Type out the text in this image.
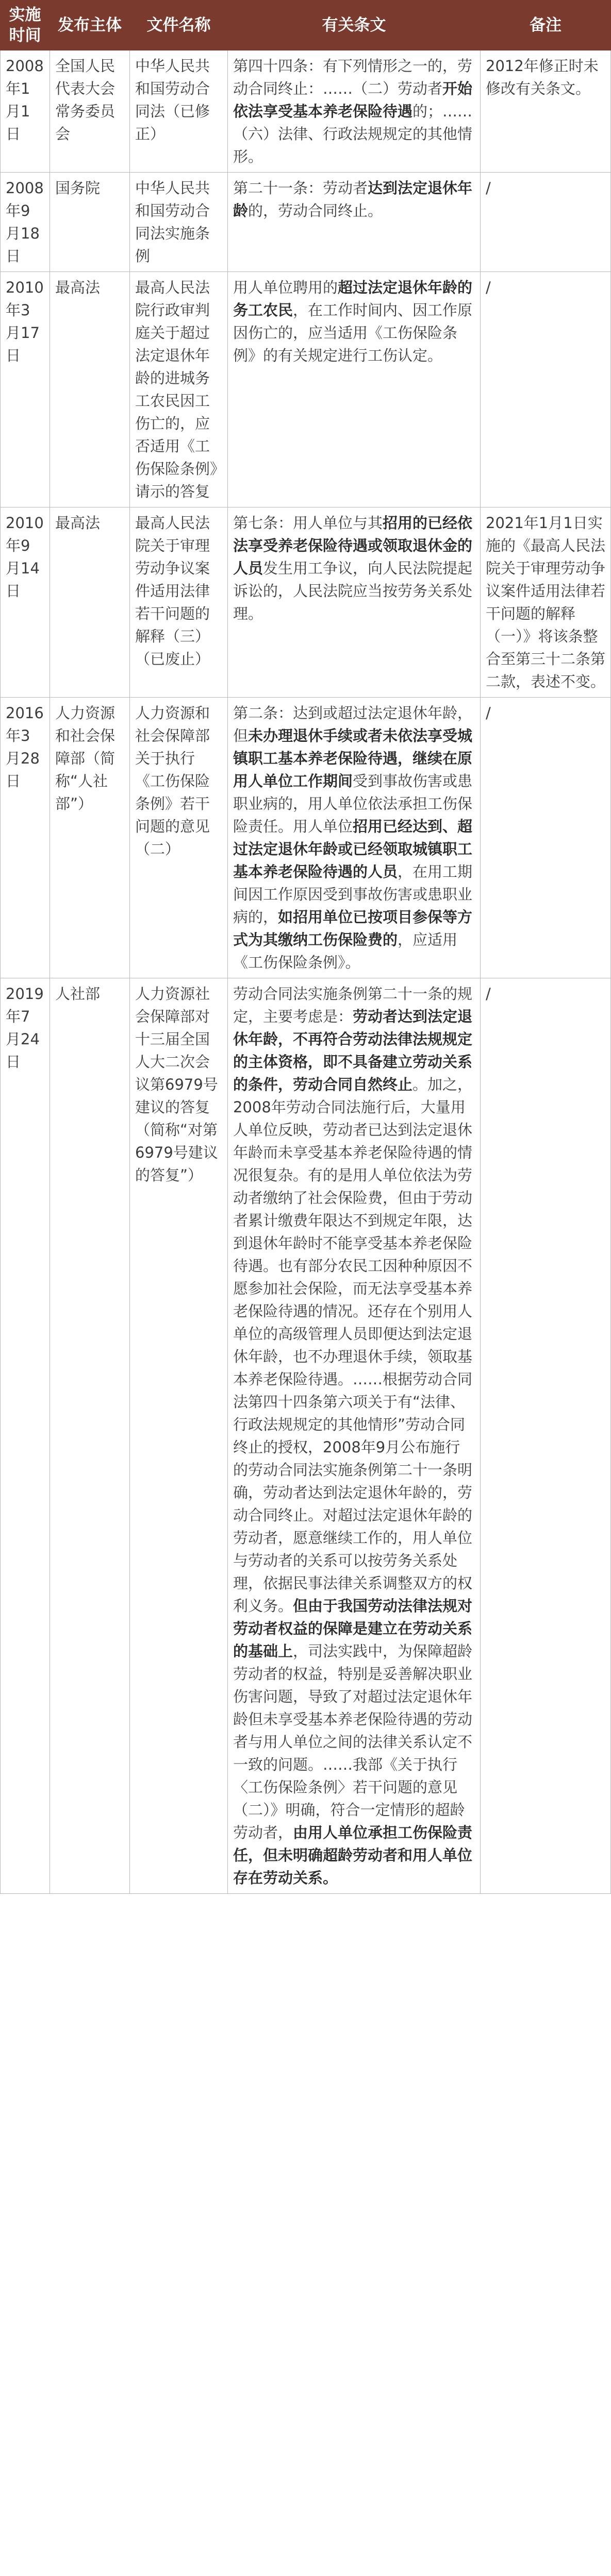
实施时间	发布主体	文件名称	有关条文	备注
2008年1月1日	全国人民代表大会常务委员会	中华人民共和国劳动合同法（已修正）	第四十四条：有下列情形之一的，劳动合同终止：……（二）劳动者开始依法享受基本养老保险待遇的；……（六）法律、行政法规规定的其他情形。	2012年修正时未修改有关条文。
2008年9月18日	国务院	中华人民共和国劳动合同法实施条例	第二十一条：劳动者达到法定退休年龄的，劳动合同终止。	/
2010年3月17日	最高法	最高人民法院行政审判庭关于超过法定退休年龄的进城务工农民因工伤亡的，应否适用《工伤保险条例》请示的答复	用人单位聘用的超过法定退休年龄的务工农民，在工作时间内、因工作原因伤亡的，应当适用《工伤保险条例》的有关规定进行工伤认定。	/
2010年9月14日	最高法	最高人民法院关于审理劳动争议案件适用法律若干问题的解释（三）（已废止）	第七条：用人单位与其招用的已经依法享受养老保险待遇或领取退休金的人员发生用工争议，向人民法院提起诉讼的，人民法院应当按劳务关系处理。	2021年1月1日实施的《最高人民法院关于审理劳动争议案件适用法律若干问题的解释（一）》将该条整合至第三十二条第二款，表述不变。
2016年3月28日	人力资源和社会保障部（简称“人社部”）	人力资源和社会保障部关于执行《工伤保险条例》若干问题的意见（二）	第二条：达到或超过法定退休年龄，但未办理退休手续或者未依法享受城镇职工基本养老保险待遇，继续在原用人单位工作期间受到事故伤害或患职业病的，用人单位依法承担工伤保险责任。用人单位招用已经达到、超过法定退休年龄或已经领取城镇职工基本养老保险待遇的人员，在用工期间因工作原因受到事故伤害或患职业病的，如招用单位已按项目参保等方式为其缴纳工伤保险费的，应适用《工伤保险条例》。	/
2019年7月24日	人社部	人力资源社会保障部对十三届全国人大二次会议第6979号建议的答复（简称“对第6979号建议的答复”）	劳动合同法实施条例第二十一条的规定，主要考虑是：劳动者达到法定退休年龄，不再符合劳动法律法规规定的主体资格，即不具备建立劳动关系的条件，劳动合同自然终止。加之，2008年劳动合同法施行后，大量用人单位反映，劳动者已达到法定退休年龄而未享受基本养老保险待遇的情况很复杂。有的是用人单位依法为劳动者缴纳了社会保险费，但由于劳动者累计缴费年限达不到规定年限，达到退休年龄时不能享受基本养老保险待遇。也有部分农民工因种种原因不愿参加社会保险，而无法享受基本养老保险待遇的情况。还存在个别用人单位的高级管理人员即便达到法定退休年龄，也不办理退休手续，领取基本养老保险待遇。……根据劳动合同法第四十四条第六项关于有“法律、行政法规规定的其他情形”劳动合同终止的授权，2008年9月公布施行的劳动合同法实施条例第二十一条明确，劳动者达到法定退休年龄的，劳动合同终止。对超过法定退休年龄的劳动者，愿意继续工作的，用人单位与劳动者的关系可以按劳务关系处理，依据民事法律关系调整双方的权利义务。但由于我国劳动法律法规对劳动者权益的保障是建立在劳动关系的基础上，司法实践中，为保障超龄劳动者的权益，特别是妥善解决职业伤害问题，导致了对超过法定退休年龄但未享受基本养老保险待遇的劳动者与用人单位之间的法律关系认定不一致的问题。……我部《关于执行〈工伤保险条例〉若干问题的意见（二）》明确，符合一定情形的超龄劳动者，由用人单位承担工伤保险责任，但未明确超龄劳动者和用人单位存在劳动关系。	/
